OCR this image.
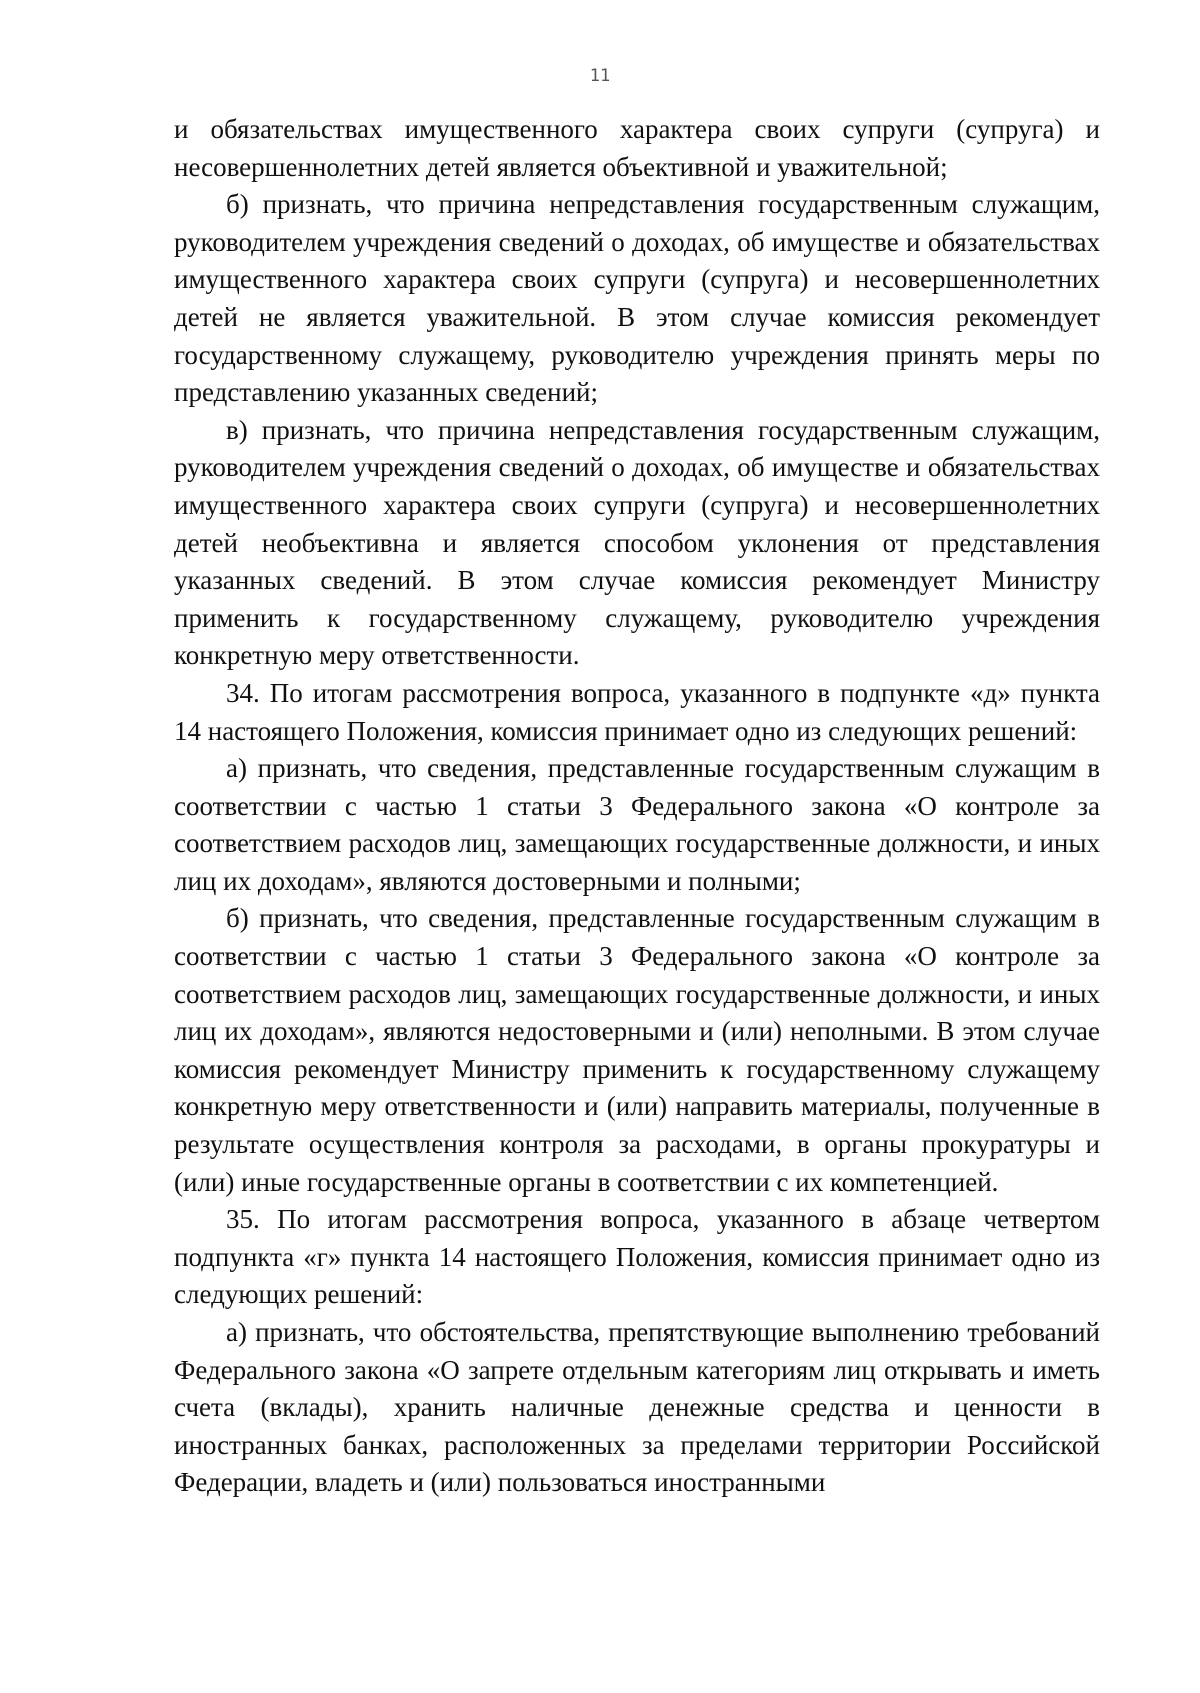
11

и обязательствах имущественного характера своих супруги (супруга) и несовершеннолетних детей является объективной и уважительной;

б) признать, что причина непредставления государственным служащим, руководителем учреждения сведений о доходах, об имуществе и обязательствах имущественного характера своих супруги (супруга) и несовершеннолетних детей не является уважительной. В этом случае комиссия рекомендует государственному служащему, руководителю учреждения принять меры по представлению указанных сведений;

в) признать, что причина непредставления государственным служащим, руководителем учреждения сведений о доходах, об имуществе и обязательствах имущественного характера своих супруги (супруга) и несовершеннолетних детей необъективна и является способом уклонения от представления указанных сведений. В этом случае комиссия рекомендует Министру применить к государственному служащему, руководителю учреждения конкретную меру ответственности.

34. По итогам рассмотрения вопроса, указанного в подпункте «д» пункта 14 настоящего Положения, комиссия принимает одно из следующих решений:

а) признать, что сведения, представленные государственным служащим в соответствии с частью 1 статьи 3 Федерального закона «О контроле за соответствием расходов лиц, замещающих государственные должности, и иных лиц их доходам», являются достоверными и полными;

б) признать, что сведения, представленные государственным служащим в соответствии с частью 1 статьи 3 Федерального закона «О контроле за соответствием расходов лиц, замещающих государственные должности, и иных лиц их доходам», являются недостоверными и (или) неполными. В этом случае комиссия рекомендует Министру применить к государственному служащему конкретную меру ответственности и (или) направить материалы, полученные в результате осуществления контроля за расходами, в органы прокуратуры и (или) иные государственные органы в соответствии с их компетенцией.

35. По итогам рассмотрения вопроса, указанного в абзаце четвертом подпункта «г» пункта 14 настоящего Положения, комиссия принимает одно из следующих решений:

а) признать, что обстоятельства, препятствующие выполнению требований Федерального закона «О запрете отдельным категориям лиц открывать и иметь счета (вклады), хранить наличные денежные средства и ценности в иностранных банках, расположенных за пределами территории Российской Федерации, владеть и (или) пользоваться иностранными
